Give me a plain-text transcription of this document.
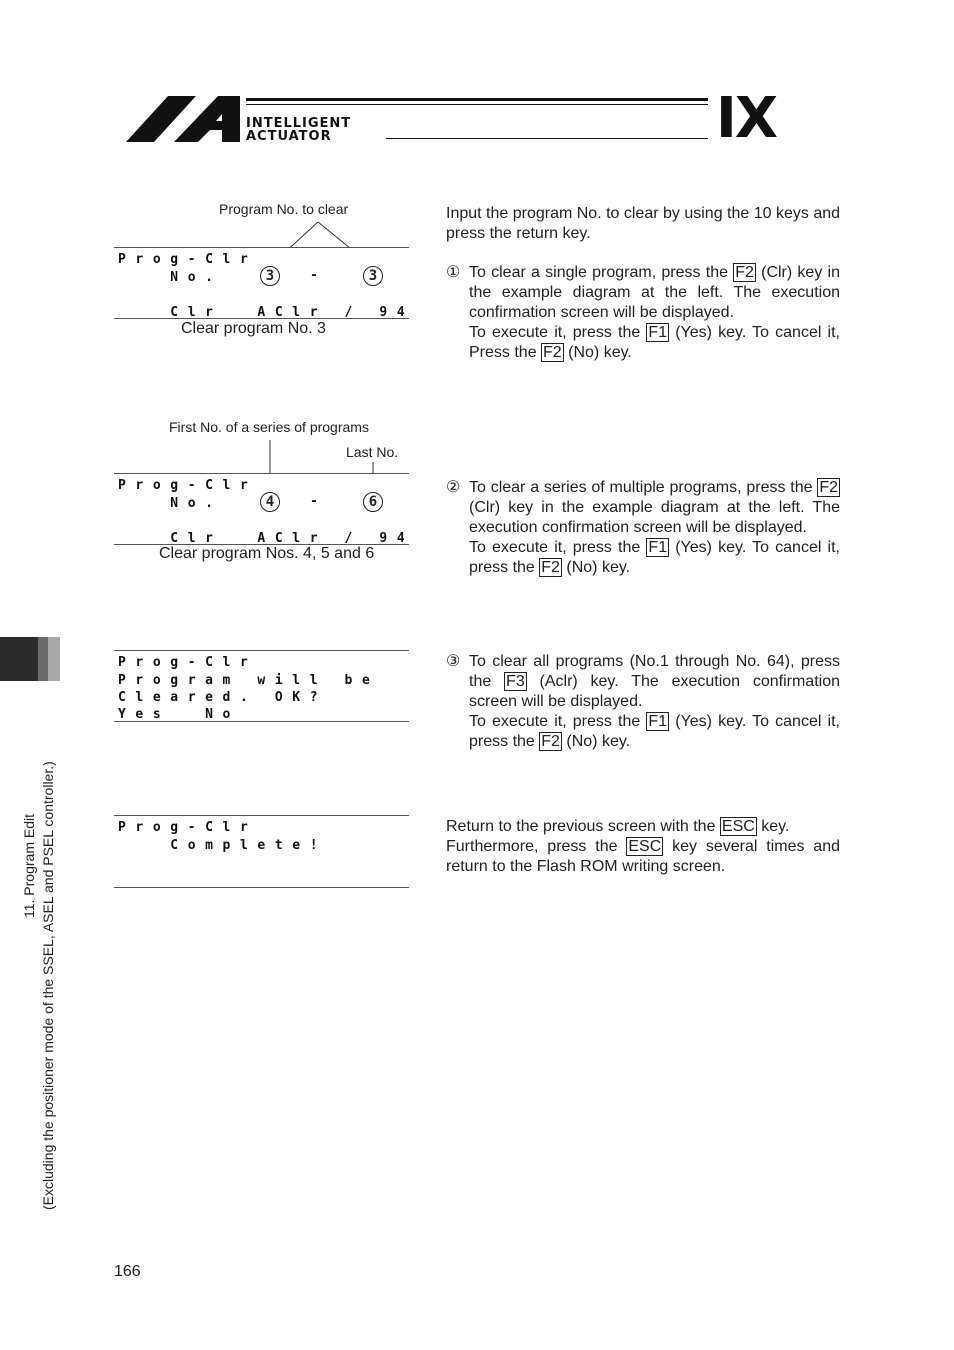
INTELLIGENT
ACTUATOR	IX
Program No. to clear
Prog-Clr
No.	-
Clr  AClr / 94
3	3
Clear program No. 3
First No. of a series of programs
Last No.
Prog-Clr
No.	-
Clr  AClr / 94
4	6
Clear program Nos. 4, 5 and 6
Prog-Clr
Program will be
Cleared. OK?
Yes  No
Prog-Clr
Complete!

Input the program No. to clear by using the 10 keys and press the return key.

① To clear a single program, press the F2 (Clr) key in the example diagram at the left. The execution confirmation screen will be displayed.

To execute it, press the F1 (Yes) key. To cancel it, Press the F2 (No) key.

② To clear a series of multiple programs, press the F2 (Clr) key in the example diagram at the left. The execution confirmation screen will be displayed.

To execute it, press the F1 (Yes) key. To cancel it, press the F2 (No) key.

③ To clear all programs (No.1 through No. 64), press the F3 (Aclr) key. The execution confirmation screen will be displayed.

To execute it, press the F1 (Yes) key. To cancel it, press the F2 (No) key.

Return to the previous screen with the ESC key.

Furthermore, press the ESC key several times and return to the Flash ROM writing screen.

11. Program Edit (Excluding the positioner mode of the SSEL, ASEL and PSEL controller.)
166
